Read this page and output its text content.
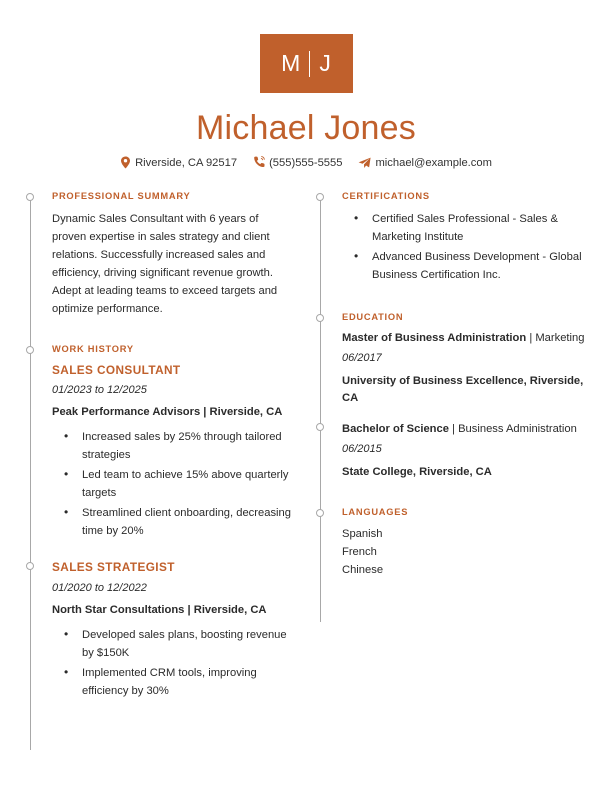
M J
Michael Jones
Riverside, CA 92517	(555)555-5555	michael@example.com
PROFESSIONAL SUMMARY

Dynamic Sales Consultant with 6 years of proven expertise in sales strategy and client relations. Successfully increased sales and efficiency, driving significant revenue growth. Adept at leading teams to exceed targets and optimize performance.

WORK HISTORY
SALES CONSULTANT
01/2023 to 12/2025
Peak Performance Advisors | Riverside, CA
• Increased sales by 25% through tailored strategies
• Led team to achieve 15% above quarterly targets
• Streamlined client onboarding, decreasing time by 20%
SALES STRATEGIST
01/2020 to 12/2022
North Star Consultations | Riverside, CA
• Developed sales plans, boosting revenue by $150K
• Implemented CRM tools, improving efficiency by 30%
CERTIFICATIONS
• Certified Sales Professional - Sales & Marketing Institute
• Advanced Business Development - Global Business Certification Inc.
EDUCATION
Master of Business Administration | Marketing
06/2017
University of Business Excellence, Riverside, CA
Bachelor of Science | Business Administration
06/2015
State College, Riverside, CA
LANGUAGES
Spanish
French
Chinese
